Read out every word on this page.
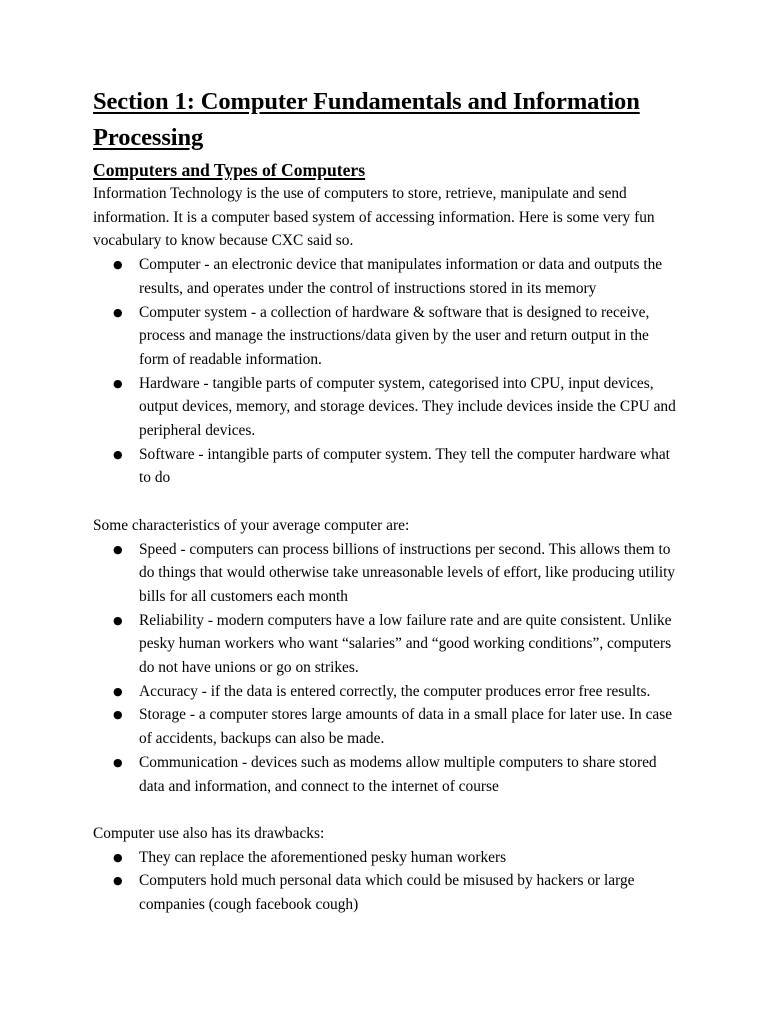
Section 1: Computer Fundamentals and Information Processing
Computers and Types of Computers

Information Technology is the use of computers to store, retrieve, manipulate and send information. It is a computer based system of accessing information. Here is some very fun vocabulary to know because CXC said so.

● Computer - an electronic device that manipulates information or data and outputs the results, and operates under the control of instructions stored in its memory
● Computer system - a collection of hardware & software that is designed to receive, process and manage the instructions/data given by the user and return output in the form of readable information.
● Hardware - tangible parts of computer system, categorised into CPU, input devices, output devices, memory, and storage devices. They include devices inside the CPU and peripheral devices.
● Software - intangible parts of computer system. They tell the computer hardware what to do

Some characteristics of your average computer are:

● Speed - computers can process billions of instructions per second. This allows them to do things that would otherwise take unreasonable levels of effort, like producing utility bills for all customers each month
● Reliability - modern computers have a low failure rate and are quite consistent. Unlike pesky human workers who want “salaries” and “good working conditions”, computers do not have unions or go on strikes.
● Accuracy - if the data is entered correctly, the computer produces error free results.
● Storage - a computer stores large amounts of data in a small place for later use. In case of accidents, backups can also be made.
● Communication - devices such as modems allow multiple computers to share stored data and information, and connect to the internet of course

Computer use also has its drawbacks:

● They can replace the aforementioned pesky human workers
● Computers hold much personal data which could be misused by hackers or large companies (cough facebook cough)
